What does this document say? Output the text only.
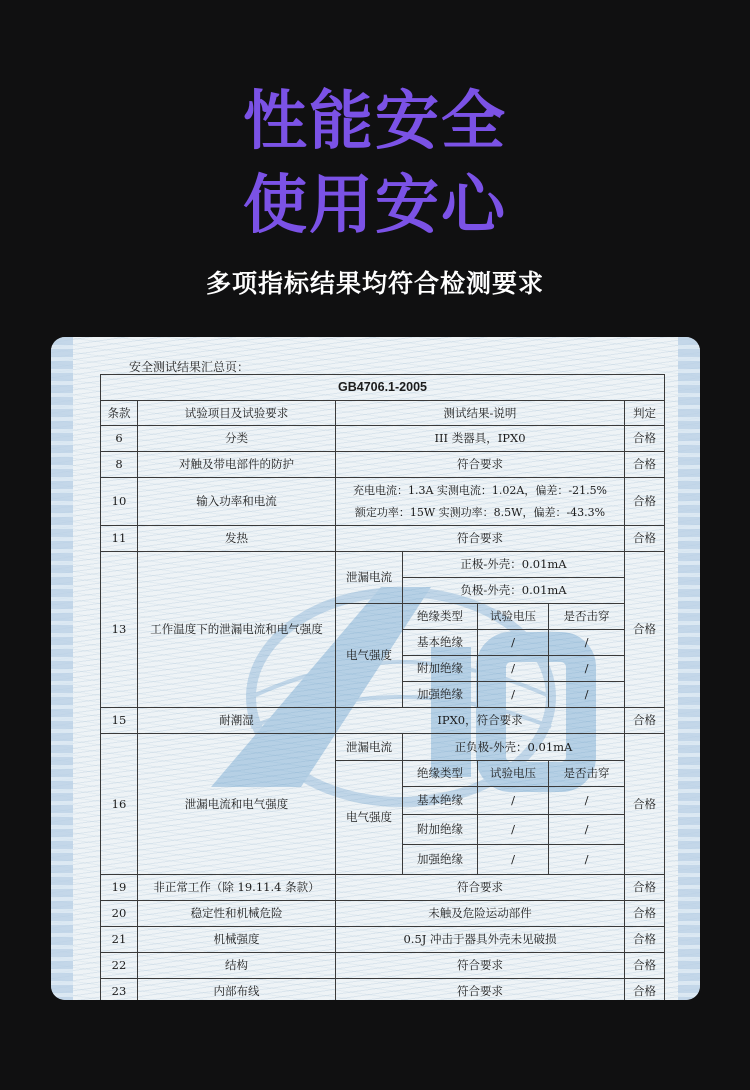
性能安全
使用安心
多项指标结果均符合检测要求
安全测试结果汇总页：
GB4706.1-2005						
条款	试验项目及试验要求	测试结果-说明				判定
6	分类	III 类器具，IPX0				合格
8	对触及带电部件的防护	符合要求				合格
10	输入功率和电流	充电电流：1.3A 实测电流：1.02A，偏差：-21.5%
额定功率：15W 实测功率：8.5W，偏差：-43.3%				合格
11	发热	符合要求				合格
13	工作温度下的泄漏电流和电气强度	泄漏电流	正极-外壳：0.01mA			合格
			负极-外壳：0.01mA			
		电气强度	绝缘类型	试验电压	是否击穿	
			基本绝缘	/	/	
			附加绝缘	/	/	
			加强绝缘	/	/	
15	耐潮湿	IPX0，符合要求				合格
16	泄漏电流和电气强度	泄漏电流	正负极-外壳：0.01mA			合格
		电气强度	绝缘类型	试验电压	是否击穿	
			基本绝缘	/	/	
			附加绝缘	/	/	
			加强绝缘	/	/	
19	非正常工作（除 19.11.4 条款）	符合要求				合格
20	稳定性和机械危险	未触及危险运动部件				合格
21	机械强度	0.5J 冲击于器具外壳未见破损				合格
22	结构	符合要求				合格
23	内部布线	符合要求				合格
